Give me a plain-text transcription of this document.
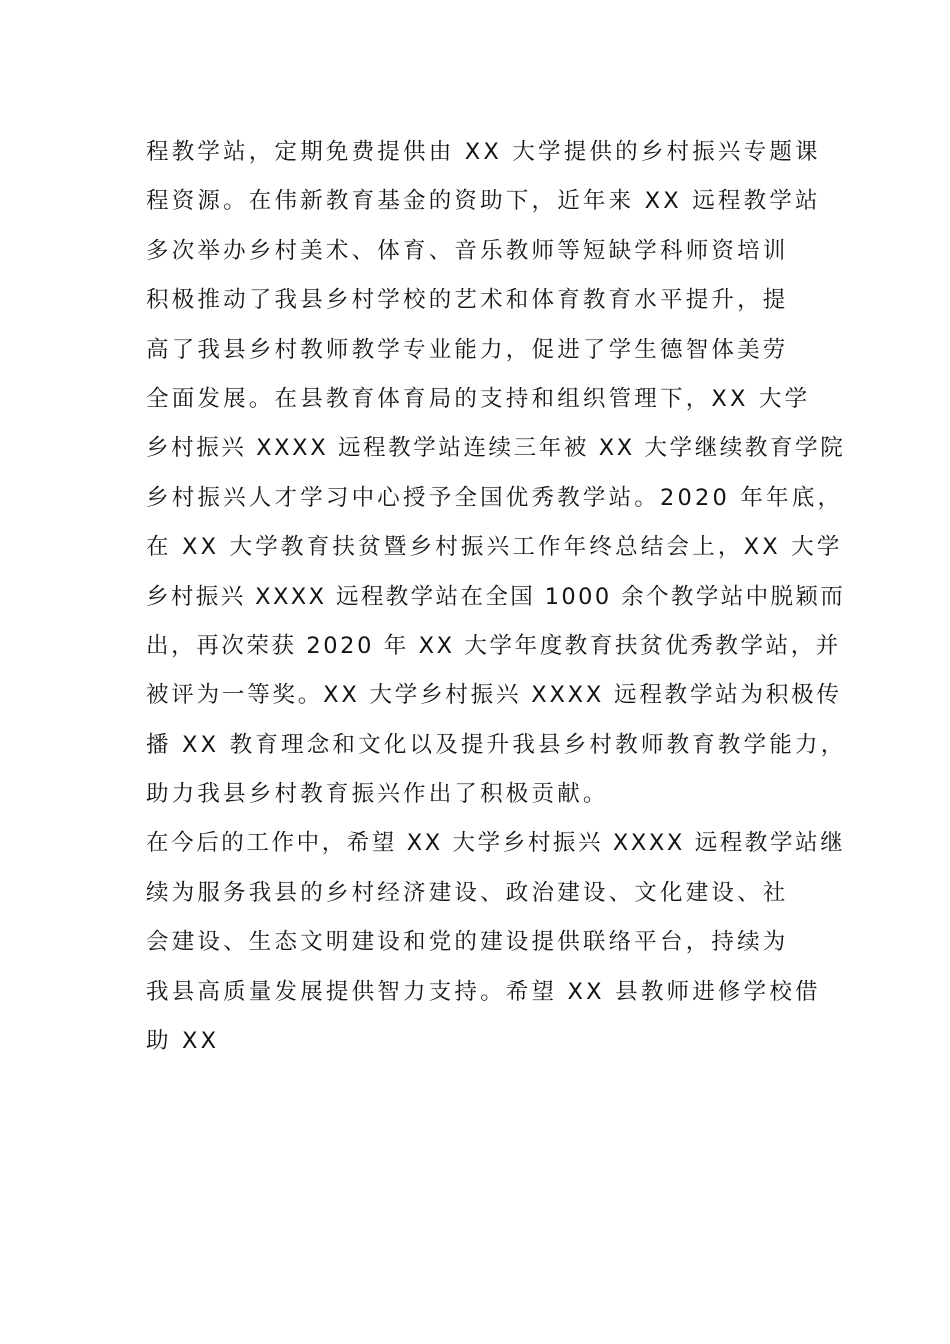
程教学站，定期免费提供由 XX 大学提供的乡村振兴专题课
程资源。在伟新教育基金的资助下，近年来 XX 远程教学站
多次举办乡村美术、体育、音乐教师等短缺学科师资培训
积极推动了我县乡村学校的艺术和体育教育水平提升，提
高了我县乡村教师教学专业能力，促进了学生德智体美劳
全面发展。在县教育体育局的支持和组织管理下，XX 大学
乡村振兴 XXXX 远程教学站连续三年被 XX 大学继续教育学院
乡村振兴人才学习中心授予全国优秀教学站。2020 年年底，
在 XX 大学教育扶贫暨乡村振兴工作年终总结会上，XX 大学
乡村振兴 XXXX 远程教学站在全国 1000 余个教学站中脱颖而
出，再次荣获 2020 年 XX 大学年度教育扶贫优秀教学站，并
被评为一等奖。XX 大学乡村振兴 XXXX 远程教学站为积极传
播 XX 教育理念和文化以及提升我县乡村教师教育教学能力，
助力我县乡村教育振兴作出了积极贡献。
在今后的工作中，希望 XX 大学乡村振兴 XXXX 远程教学站继
续为服务我县的乡村经济建设、政治建设、文化建设、社
会建设、生态文明建设和党的建设提供联络平台，持续为
我县高质量发展提供智力支持。希望 XX 县教师进修学校借
助 XX
